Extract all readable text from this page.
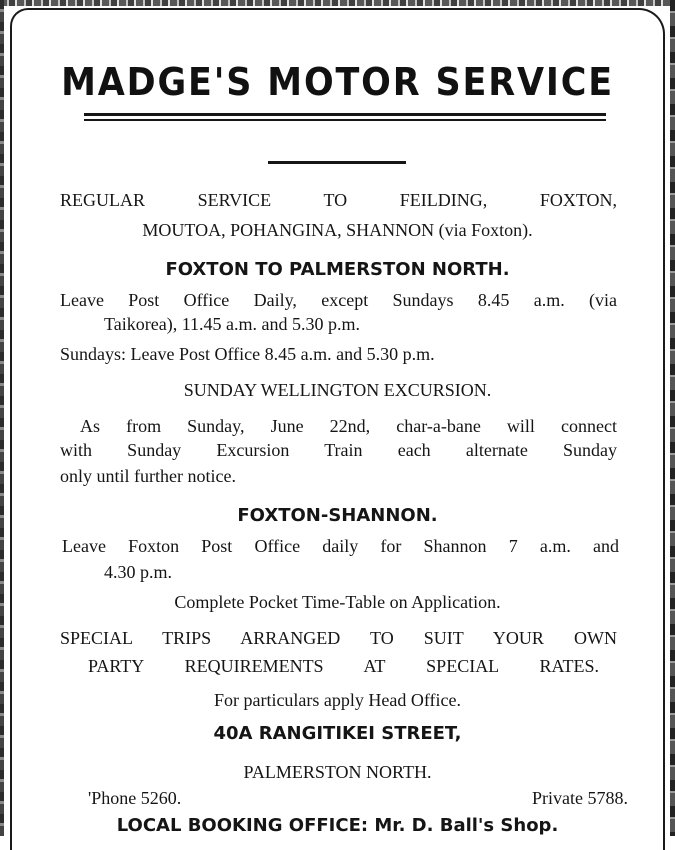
MADGE'S MOTOR SERVICE
REGULAR SERVICE TO FEILDING, FOXTON,
MOUTOA, POHANGINA, SHANNON (via Foxton).
FOXTON TO PALMERSTON NORTH.
Leave Post Office Daily, except Sundays 8.45 a.m. (via
Taikorea), 11.45 a.m. and 5.30 p.m.
Sundays: Leave Post Office 8.45 a.m. and 5.30 p.m.
SUNDAY WELLINGTON EXCURSION.
As from Sunday, June 22nd, char-a-bane will connect
with Sunday Excursion Train each alternate Sunday
only until further notice.
FOXTON-SHANNON.
Leave Foxton Post Office daily for Shannon 7 a.m. and
4.30 p.m.
Complete Pocket Time-Table on Application.
SPECIAL TRIPS ARRANGED TO SUIT YOUR OWN
PARTY REQUIREMENTS AT SPECIAL RATES.
For particulars apply Head Office.
40A RANGITIKEI STREET,
PALMERSTON NORTH.
'Phone 5260.	Private 5788.
LOCAL BOOKING OFFICE: Mr. D. Ball's Shop.
